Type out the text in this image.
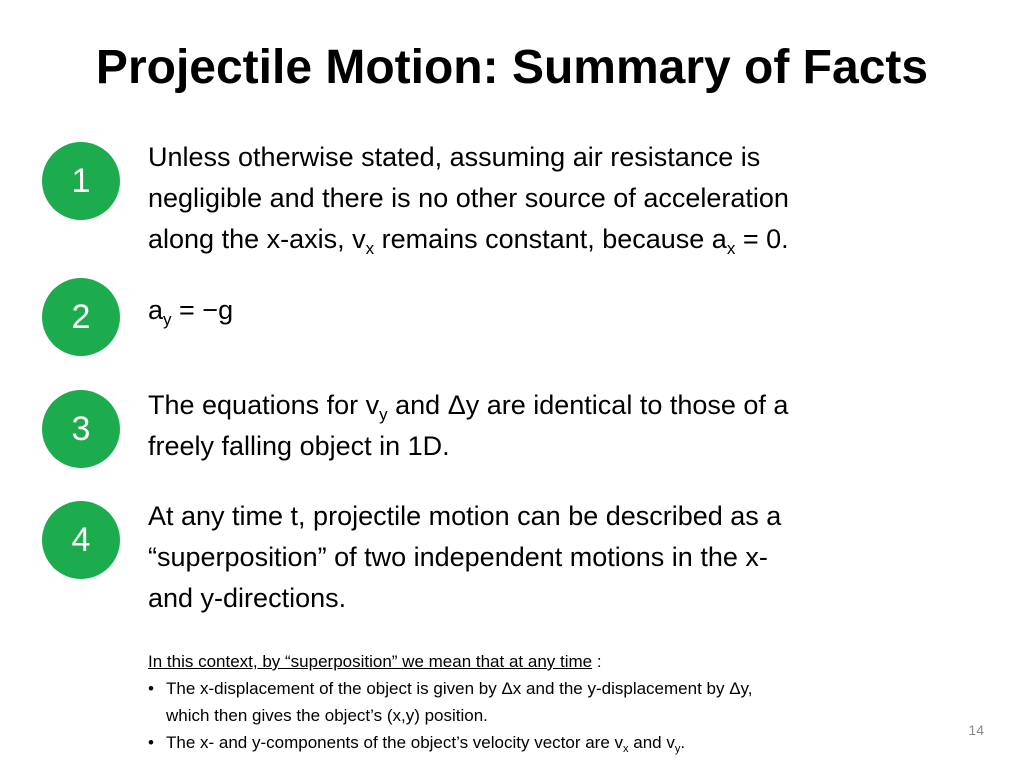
Projectile Motion: Summary of Facts
1
Unless otherwise stated, assuming air resistance is
negligible and there is no other source of acceleration
along the x-axis, $v_x$ remains constant, because $a_x = 0$.
2	$a_y = -g$
3
The equations for $v_y$ and Δy are identical to those of a
freely falling object in 1D.
4
At any time t, projectile motion can be described as a
“superposition” of two independent motions in the x-
and y-directions.

In this context, by “superposition” we mean that at any time :

• The x-displacement of the object is given by Δx and the y-displacement by Δy,
which then gives the object’s (x,y) position.
• The x- and y-components of the object’s velocity vector are $v_x$ and $v_y$.
14
